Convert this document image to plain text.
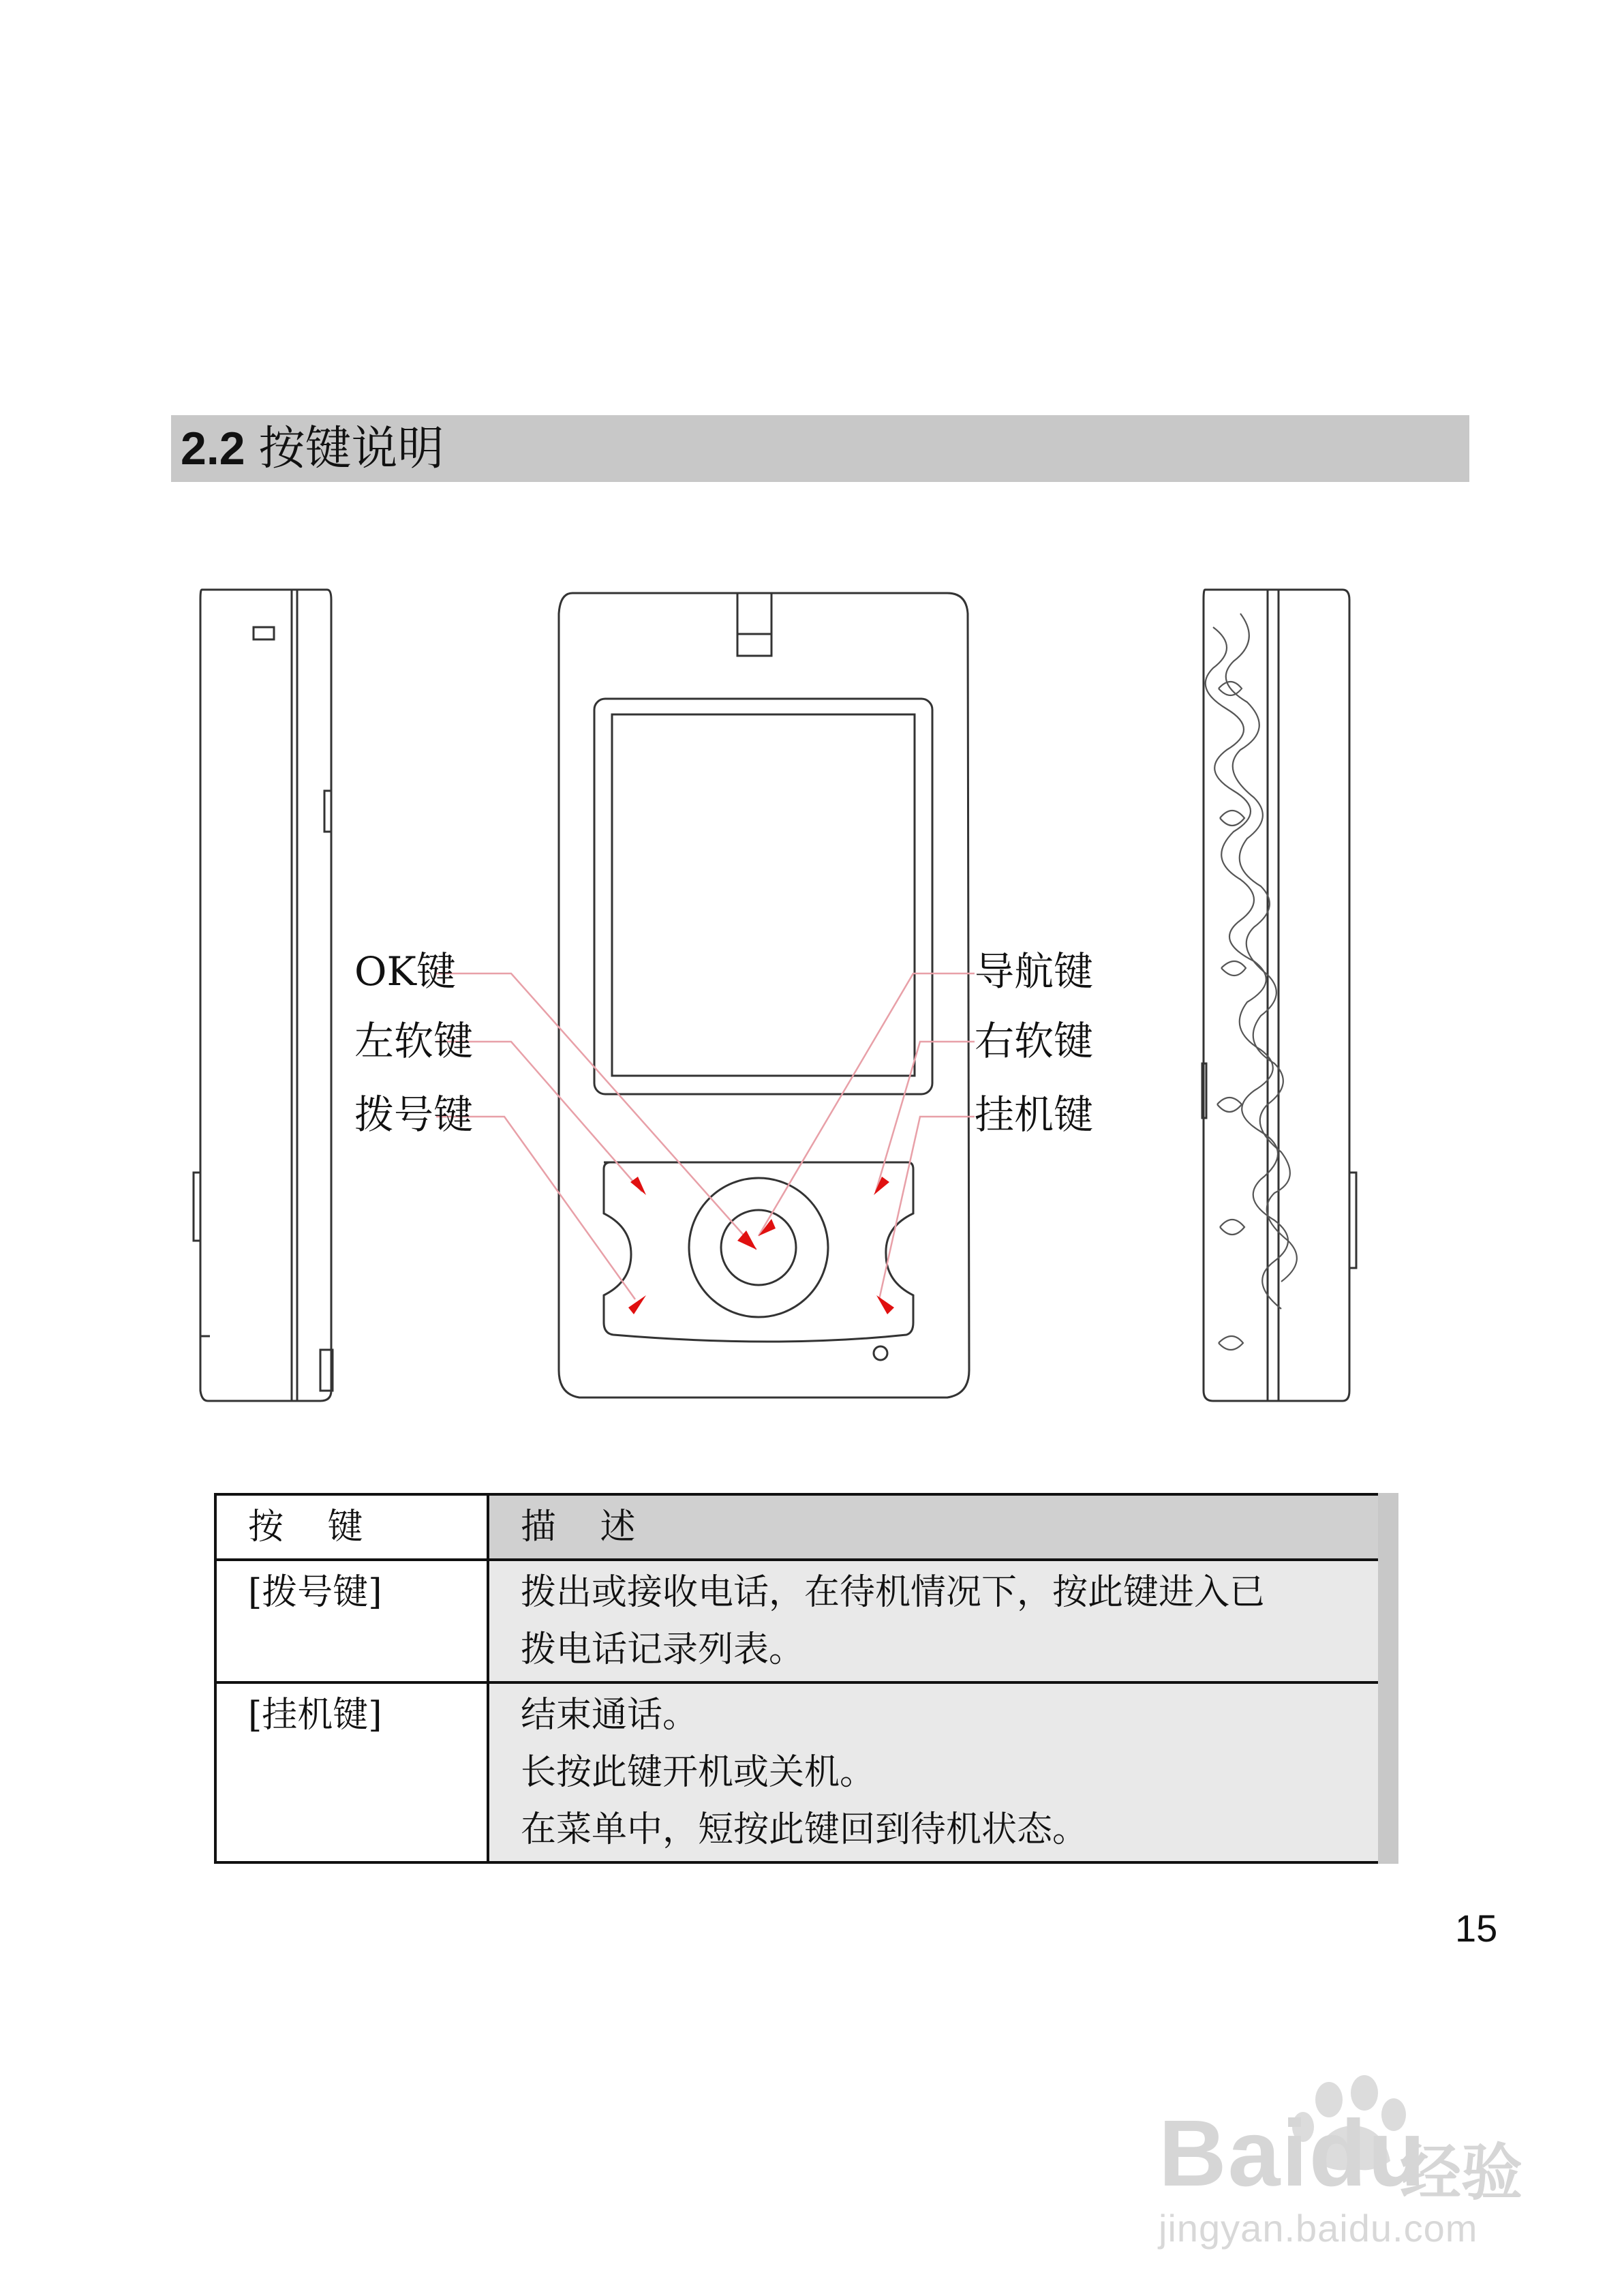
2.2 按键说明
OK键
左软键
拨号键
导航键
右软键
挂机键
按 键	描 述
[拨号键]	拨出或接收电话，在待机情况下，按此键进入已
拨电话记录列表。

[挂机键]	结束通话。
长按此键开机或关机。
在菜单中，短按此键回到待机状态。
15
Baidu
经验
jingyan.baidu.com
